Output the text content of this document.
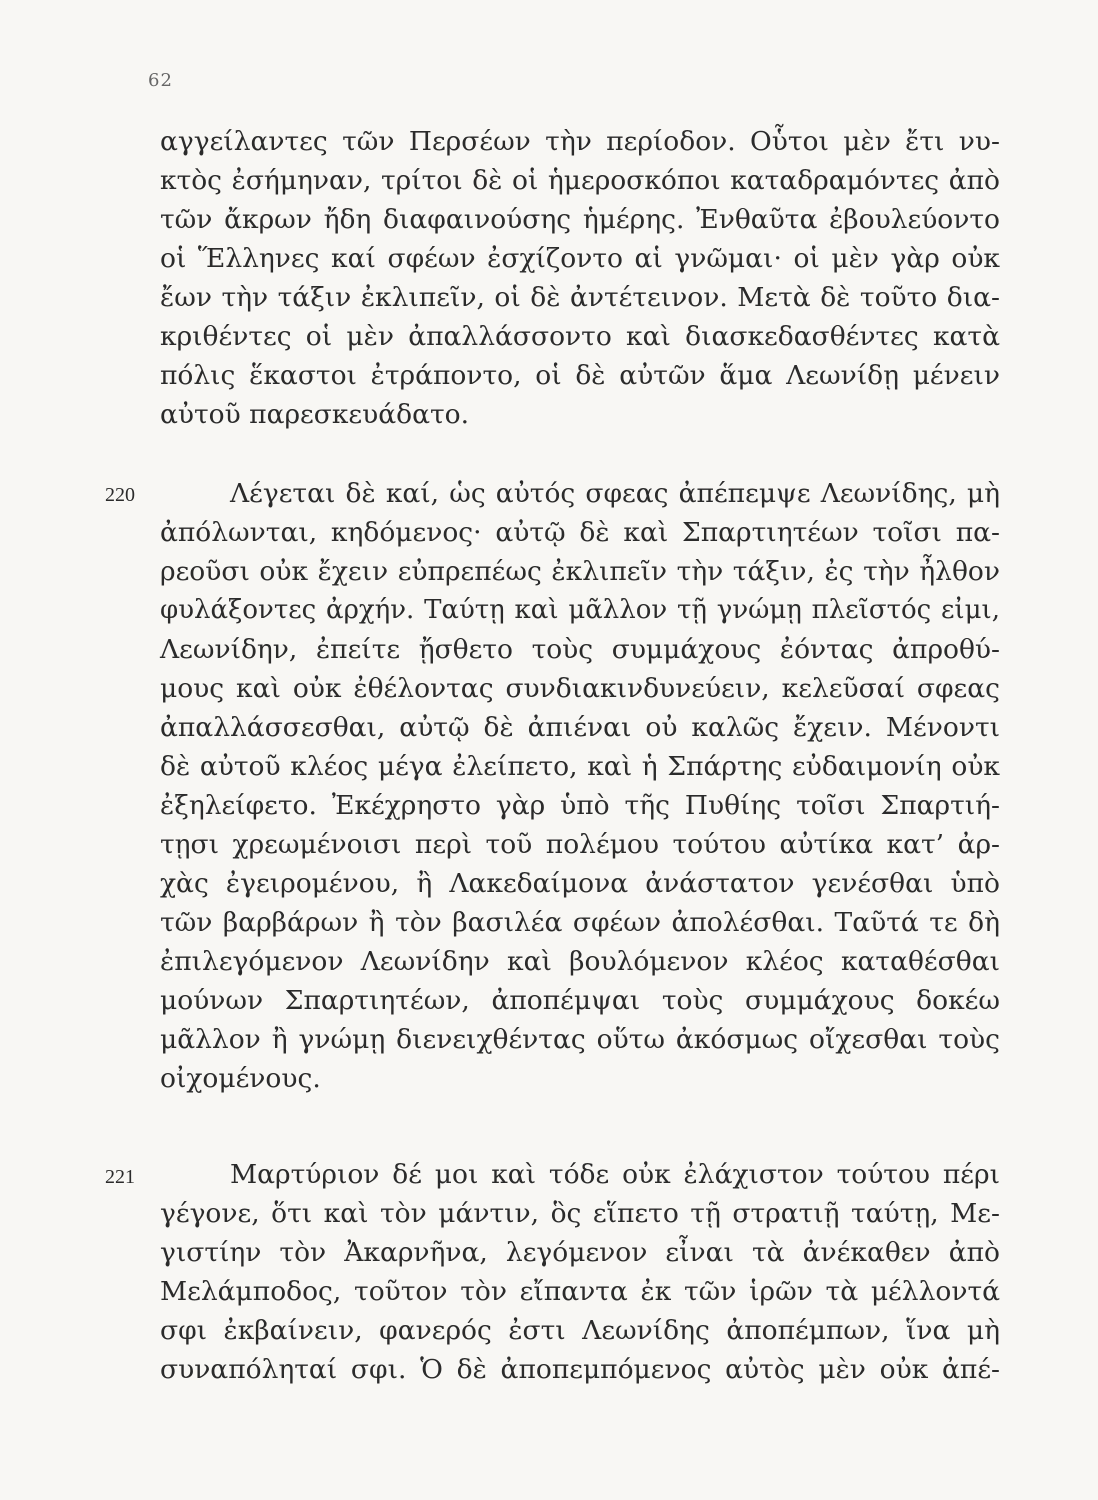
62
αγγείλαντες τῶν Περσέων τὴν περίοδον. Οὗτοι μὲν ἔτι νυ-
κτὸς ἐσήμηναν, τρίτοι δὲ οἱ ἡμεροσκόποι καταδραμόντες ἀπὸ
τῶν ἄκρων ἤδη διαφαινούσης ἡμέρης. Ἐνθαῦτα ἐβουλεύοντο
οἱ Ἕλληνες καί σφέων ἐσχίζοντο αἱ γνῶμαι· οἱ μὲν γὰρ οὐκ
ἔων τὴν τάξιν ἐκλιπεῖν, οἱ δὲ ἀντέτεινον. Μετὰ δὲ τοῦτο δια-
κριθέντες οἱ μὲν ἀπαλλάσσοντο καὶ διασκεδασθέντες κατὰ
πόλις ἕκαστοι ἐτράποντο, οἱ δὲ αὐτῶν ἅμα Λεωνίδῃ μένειν
αὐτοῦ παρεσκευάδατο.
220	Λέγεται δὲ καί, ὡς αὐτός σφεας ἀπέπεμψε Λεωνίδης, μὴ
ἀπόλωνται, κηδόμενος· αὐτῷ δὲ καὶ Σπαρτιητέων τοῖσι πα-
ρεοῦσι οὐκ ἔχειν εὐπρεπέως ἐκλιπεῖν τὴν τάξιν, ἐς τὴν ἦλθον
φυλάξοντες ἀρχήν. Ταύτῃ καὶ μᾶλλον τῇ γνώμῃ πλεῖστός εἰμι,
Λεωνίδην, ἐπείτε ᾔσθετο τοὺς συμμάχους ἐόντας ἀπροθύ-
μους καὶ οὐκ ἐθέλοντας συνδιακινδυνεύειν, κελεῦσαί σφεας
ἀπαλλάσσεσθαι, αὐτῷ δὲ ἀπιέναι οὐ καλῶς ἔχειν. Μένοντι
δὲ αὐτοῦ κλέος μέγα ἐλείπετο, καὶ ἡ Σπάρτης εὐδαιμονίη οὐκ
ἐξηλείφετο. Ἐκέχρηστο γὰρ ὑπὸ τῆς Πυθίης τοῖσι Σπαρτιή-
τῃσι χρεωμένοισι περὶ τοῦ πολέμου τούτου αὐτίκα κατ’ ἀρ-
χὰς ἐγειρομένου, ἢ Λακεδαίμονα ἀνάστατον γενέσθαι ὑπὸ
τῶν βαρβάρων ἢ τὸν βασιλέα σφέων ἀπολέσθαι. Ταῦτά τε δὴ
ἐπιλεγόμενον Λεωνίδην καὶ βουλόμενον κλέος καταθέσθαι
μούνων Σπαρτιητέων, ἀποπέμψαι τοὺς συμμάχους δοκέω
μᾶλλον ἢ γνώμῃ διενειχθέντας οὕτω ἀκόσμως οἴχεσθαι τοὺς
οἰχομένους.
221	Μαρτύριον δέ μοι καὶ τόδε οὐκ ἐλάχιστον τούτου πέρι
γέγονε, ὅτι καὶ τὸν μάντιν, ὃς εἵπετο τῇ στρατιῇ ταύτῃ, Με-
γιστίην τὸν Ἀκαρνῆνα, λεγόμενον εἶναι τὰ ἀνέκαθεν ἀπὸ
Μελάμποδος, τοῦτον τὸν εἴπαντα ἐκ τῶν ἱρῶν τὰ μέλλοντά
σφι ἐκβαίνειν, φανερός ἐστι Λεωνίδης ἀποπέμπων, ἵνα μὴ
συναπόληταί σφι. Ὁ δὲ ἀποπεμπόμενος αὐτὸς μὲν οὐκ ἀπέ-
